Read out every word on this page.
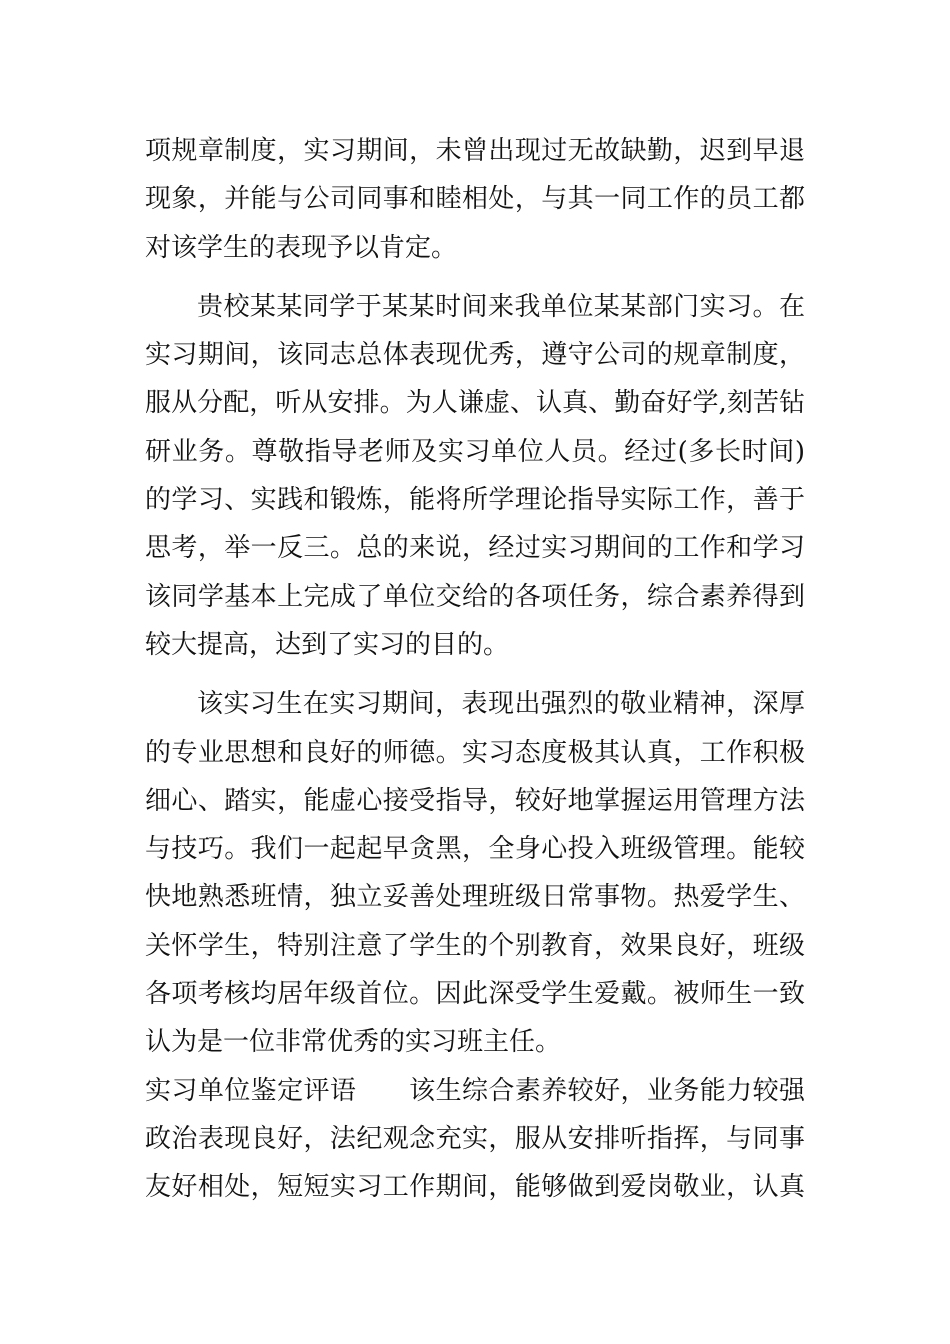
项规章制度，实习期间，未曾出现过无故缺勤，迟到早退
现象，并能与公司同事和睦相处，与其一同工作的员工都
对该学生的表现予以肯定。
贵校某某同学于某某时间来我单位某某部门实习。在
实习期间，该同志总体表现优秀，遵守公司的规章制度，
服从分配，听从安排。为人谦虚、认真、勤奋好学,刻苦钻
研业务。尊敬指导老师及实习单位人员。经过(多长时间)
的学习、实践和锻炼，能将所学理论指导实际工作，善于
思考，举一反三。总的来说，经过实习期间的工作和学习
该同学基本上完成了单位交给的各项任务，综合素养得到
较大提高，达到了实习的目的。
该实习生在实习期间，表现出强烈的敬业精神，深厚
的专业思想和良好的师德。实习态度极其认真，工作积极
细心、踏实，能虚心接受指导，较好地掌握运用管理方法
与技巧。我们一起起早贪黑，全身心投入班级管理。能较
快地熟悉班情，独立妥善处理班级日常事物。热爱学生、
关怀学生，特别注意了学生的个别教育，效果良好，班级
各项考核均居年级首位。因此深受学生爱戴。被师生一致
认为是一位非常优秀的实习班主任。
实习单位鉴定评语　　该生综合素养较好，业务能力较强
政治表现良好，法纪观念充实，服从安排听指挥，与同事
友好相处，短短实习工作期间，能够做到爱岗敬业，认真
